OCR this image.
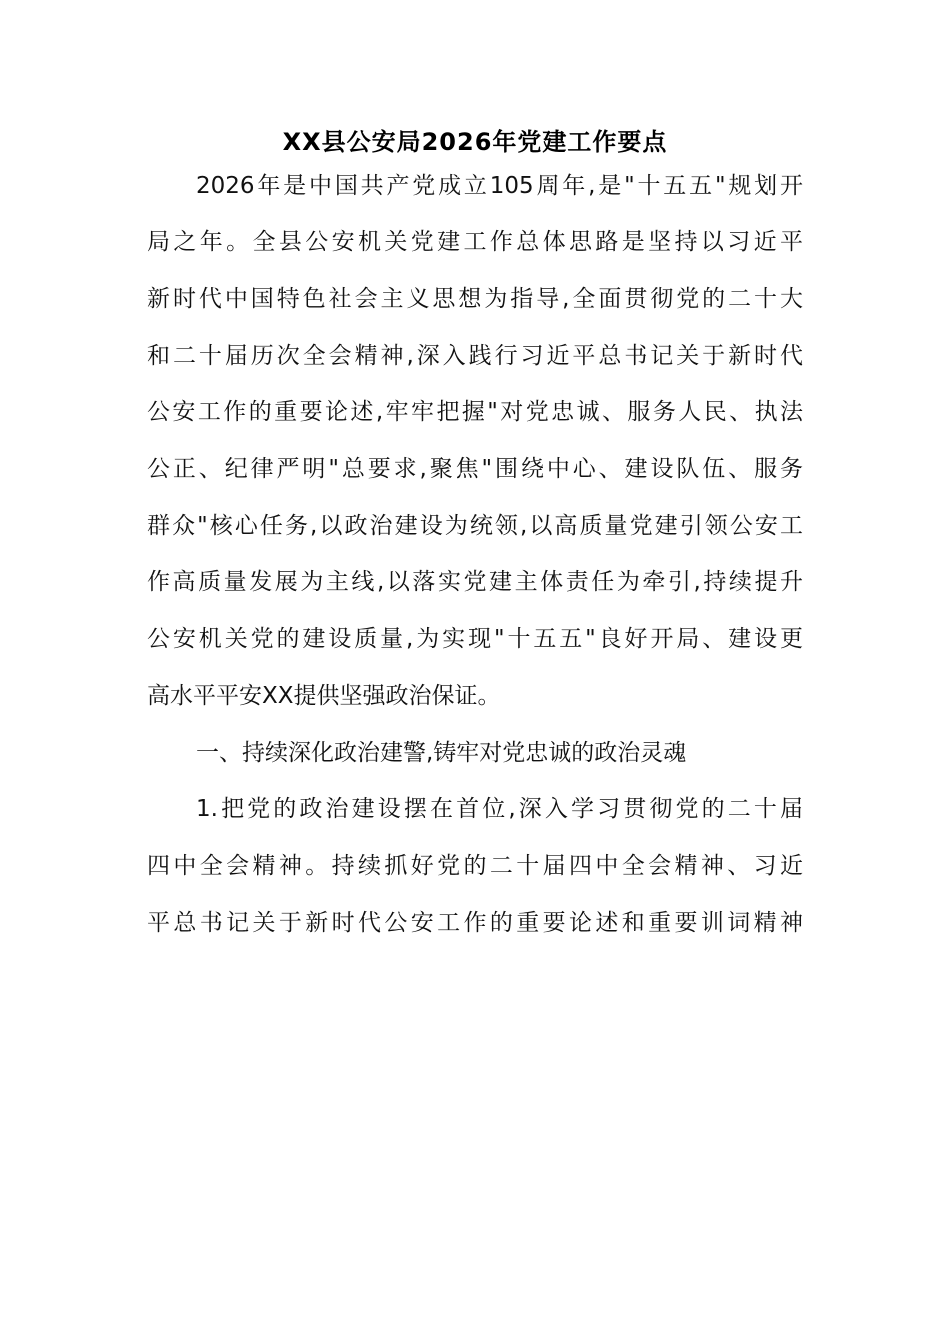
XX县公安局2026年党建工作要点
2026年是中国共产党成立105周年,是"十五五"规划开
局之年。全县公安机关党建工作总体思路是坚持以习近平
新时代中国特色社会主义思想为指导,全面贯彻党的二十大
和二十届历次全会精神,深入践行习近平总书记关于新时代
公安工作的重要论述,牢牢把握"对党忠诚、服务人民、执法
公正、纪律严明"总要求,聚焦"围绕中心、建设队伍、服务
群众"核心任务,以政治建设为统领,以高质量党建引领公安工
作高质量发展为主线,以落实党建主体责任为牵引,持续提升
公安机关党的建设质量,为实现"十五五"良好开局、建设更
高水平平安XX提供坚强政治保证。
一、持续深化政治建警,铸牢对党忠诚的政治灵魂
1.把党的政治建设摆在首位,深入学习贯彻党的二十届
四中全会精神。持续抓好党的二十届四中全会精神、习近
平总书记关于新时代公安工作的重要论述和重要训词精神
